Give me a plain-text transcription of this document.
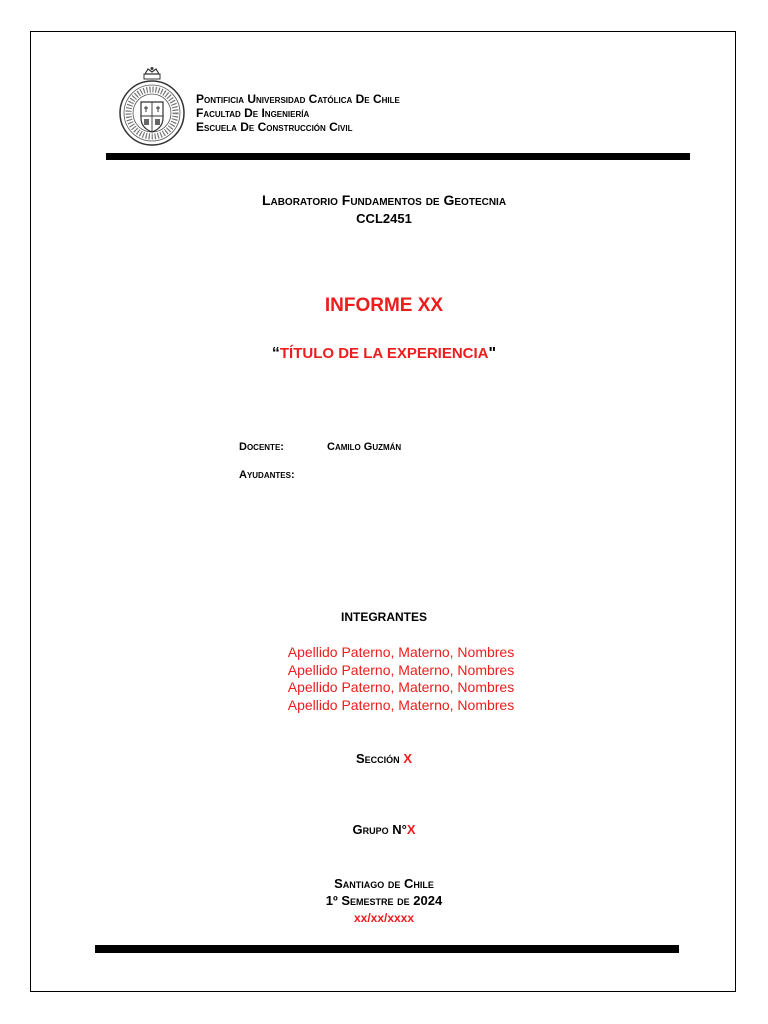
Pontificia Universidad Católica De Chile
Facultad De Ingeniería
Escuela De Construcción Civil
Laboratorio Fundamentos de Geotecnia
CCL2451
INFORME XX
“TÍTULO DE LA EXPERIENCIA"
Docente:	Camilo Guzmán
Ayudantes:
INTEGRANTES
Apellido Paterno, Materno, Nombres
Apellido Paterno, Materno, Nombres
Apellido Paterno, Materno, Nombres
Apellido Paterno, Materno, Nombres
Sección X
Grupo N°X
Santiago de Chile
1º Semestre de 2024
xx/xx/xxxx
